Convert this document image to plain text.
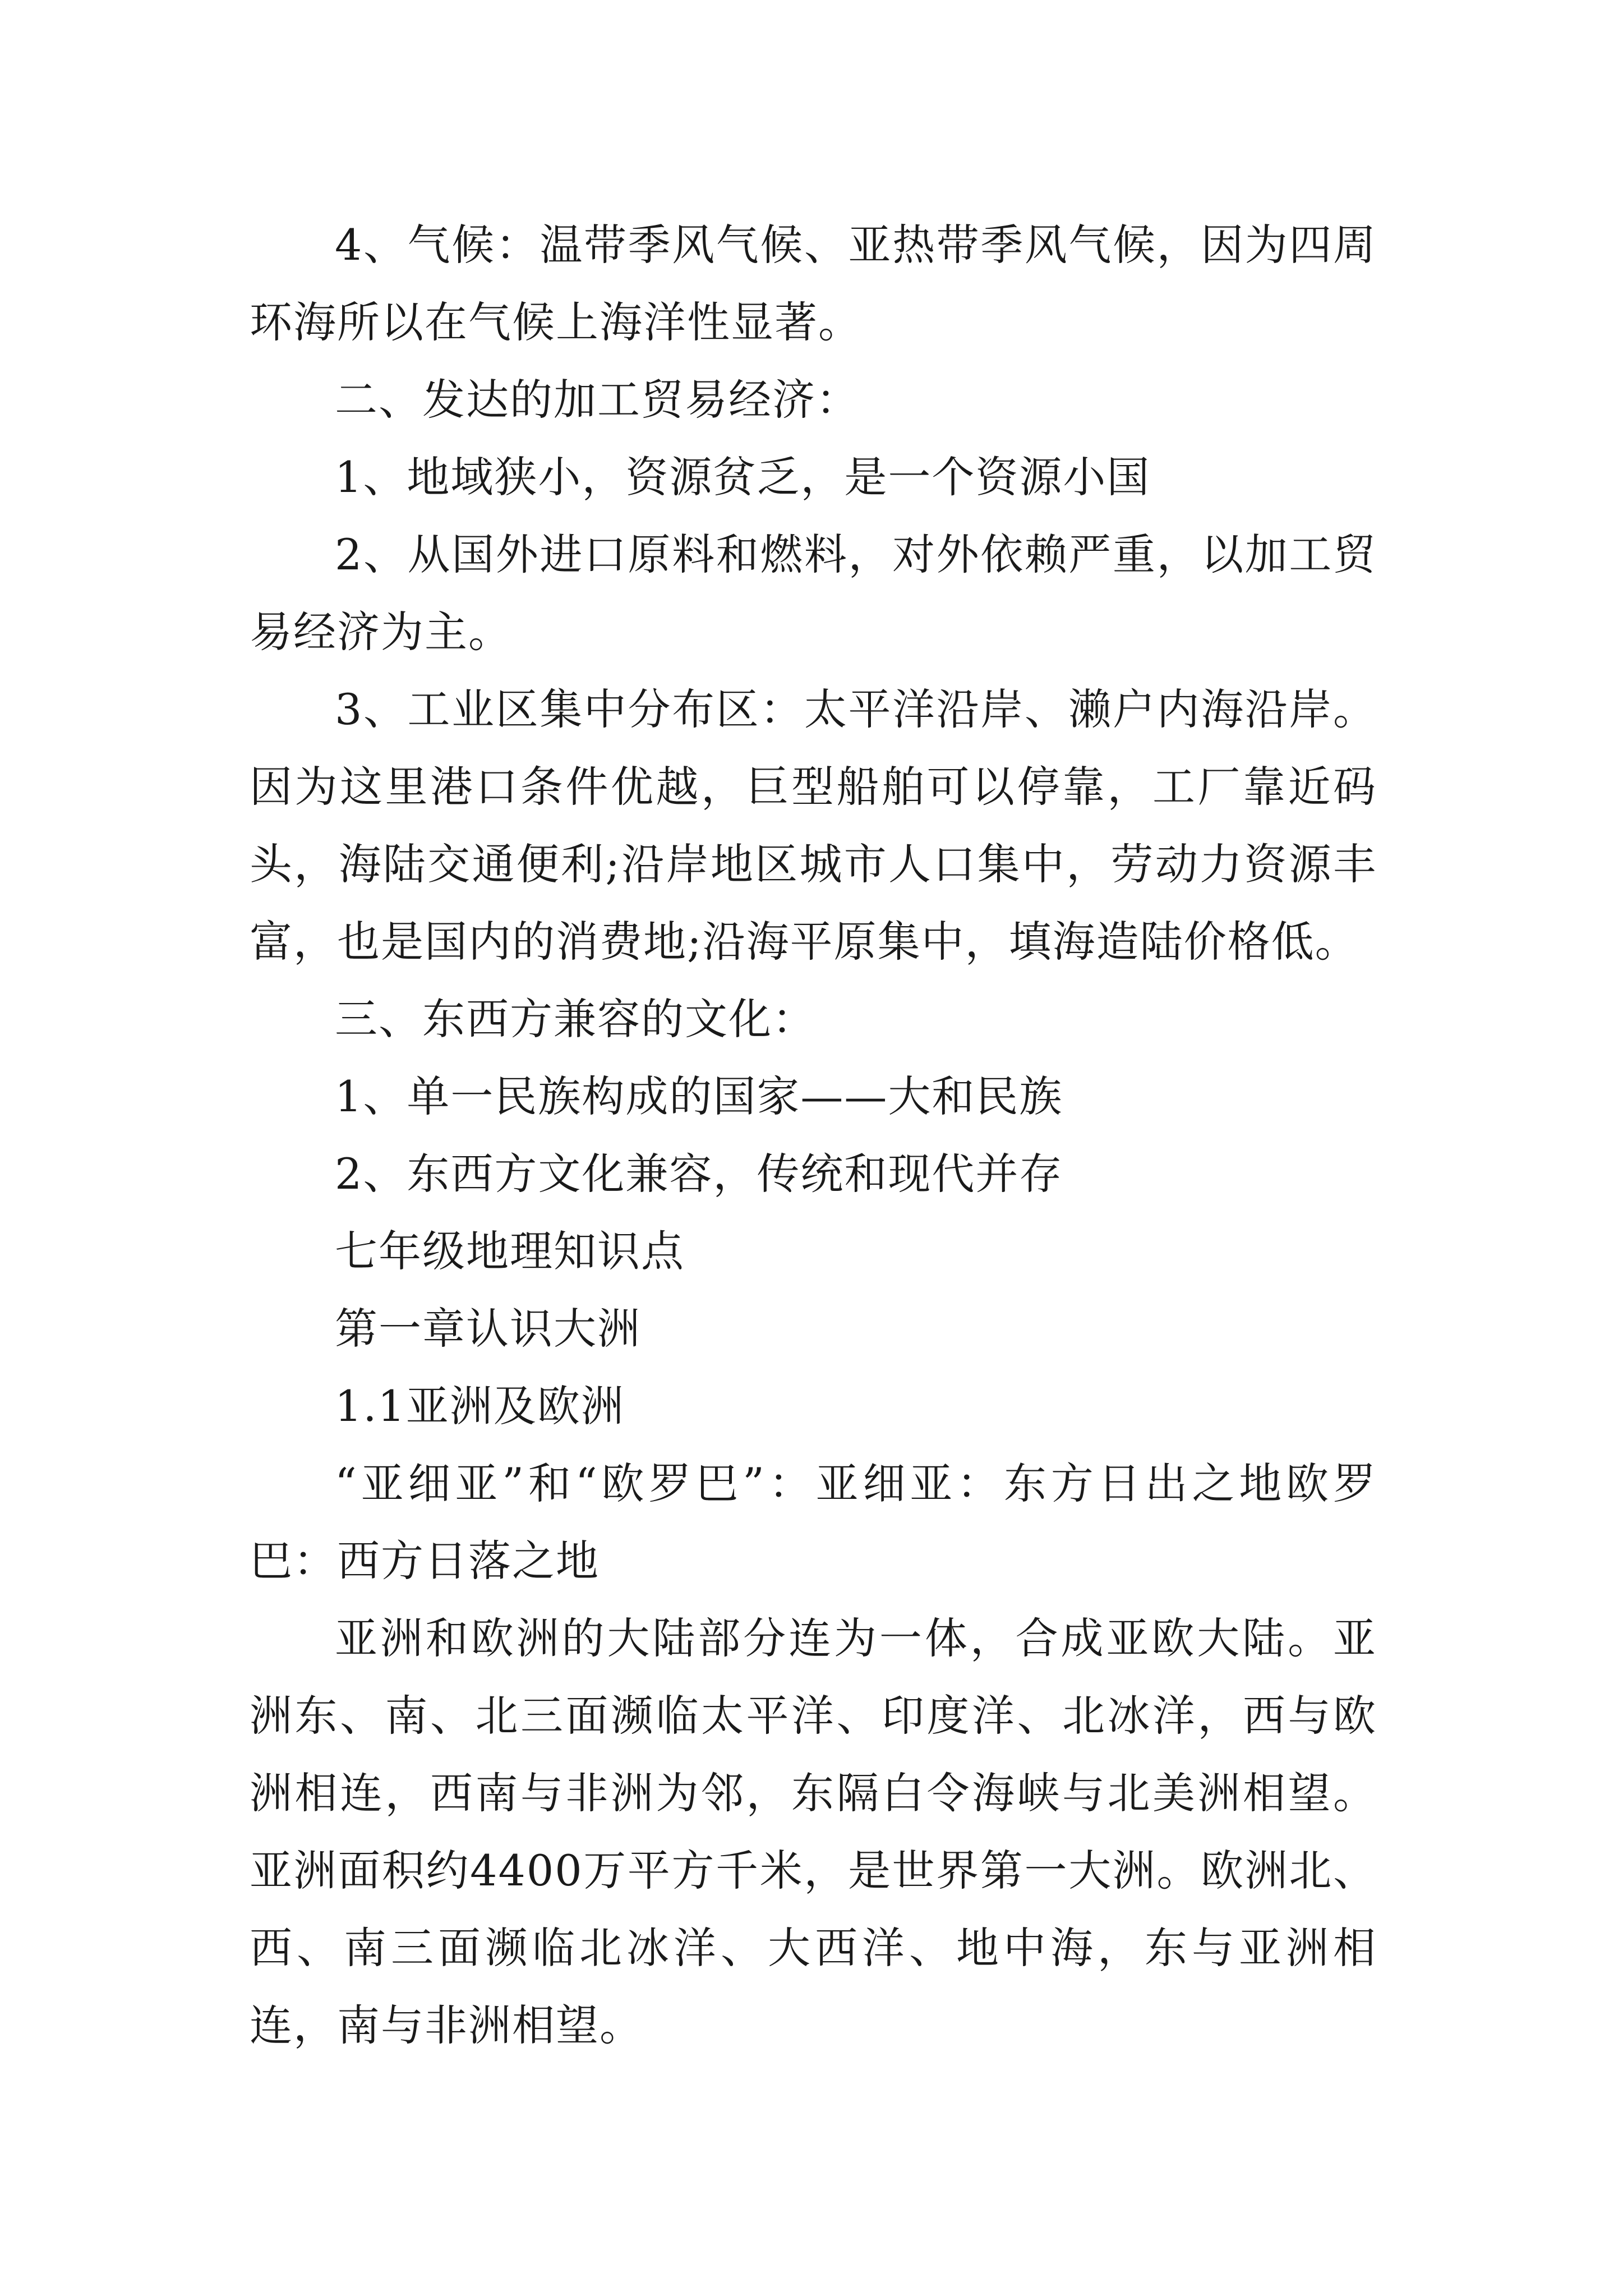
4、气候：温带季风气候、亚热带季风气候，因为四周环海所以在气候上海洋性显著。

二、发达的加工贸易经济：

1、地域狭小，资源贫乏，是一个资源小国

2、从国外进口原料和燃料，对外依赖严重，以加工贸易经济为主。

3、工业区集中分布区：太平洋沿岸、濑户内海沿岸。因为这里港口条件优越，巨型船舶可以停靠，工厂靠近码头，海陆交通便利;沿岸地区城市人口集中，劳动力资源丰富，也是国内的消费地;沿海平原集中，填海造陆价格低。

三、东西方兼容的文化：

1、单一民族构成的国家——大和民族

2、东西方文化兼容，传统和现代并存

七年级地理知识点

第一章认识大洲

1.1亚洲及欧洲

“亚细亚”和“欧罗巴”：亚细亚：东方日出之地欧罗巴：西方日落之地

亚洲和欧洲的大陆部分连为一体，合成亚欧大陆。亚洲东、南、北三面濒临太平洋、印度洋、北冰洋，西与欧洲相连，西南与非洲为邻，东隔白令海峡与北美洲相望。亚洲面积约4400万平方千米，是世界第一大洲。欧洲北、西、南三面濒临北冰洋、大西洋、地中海，东与亚洲相连，南与非洲相望。
